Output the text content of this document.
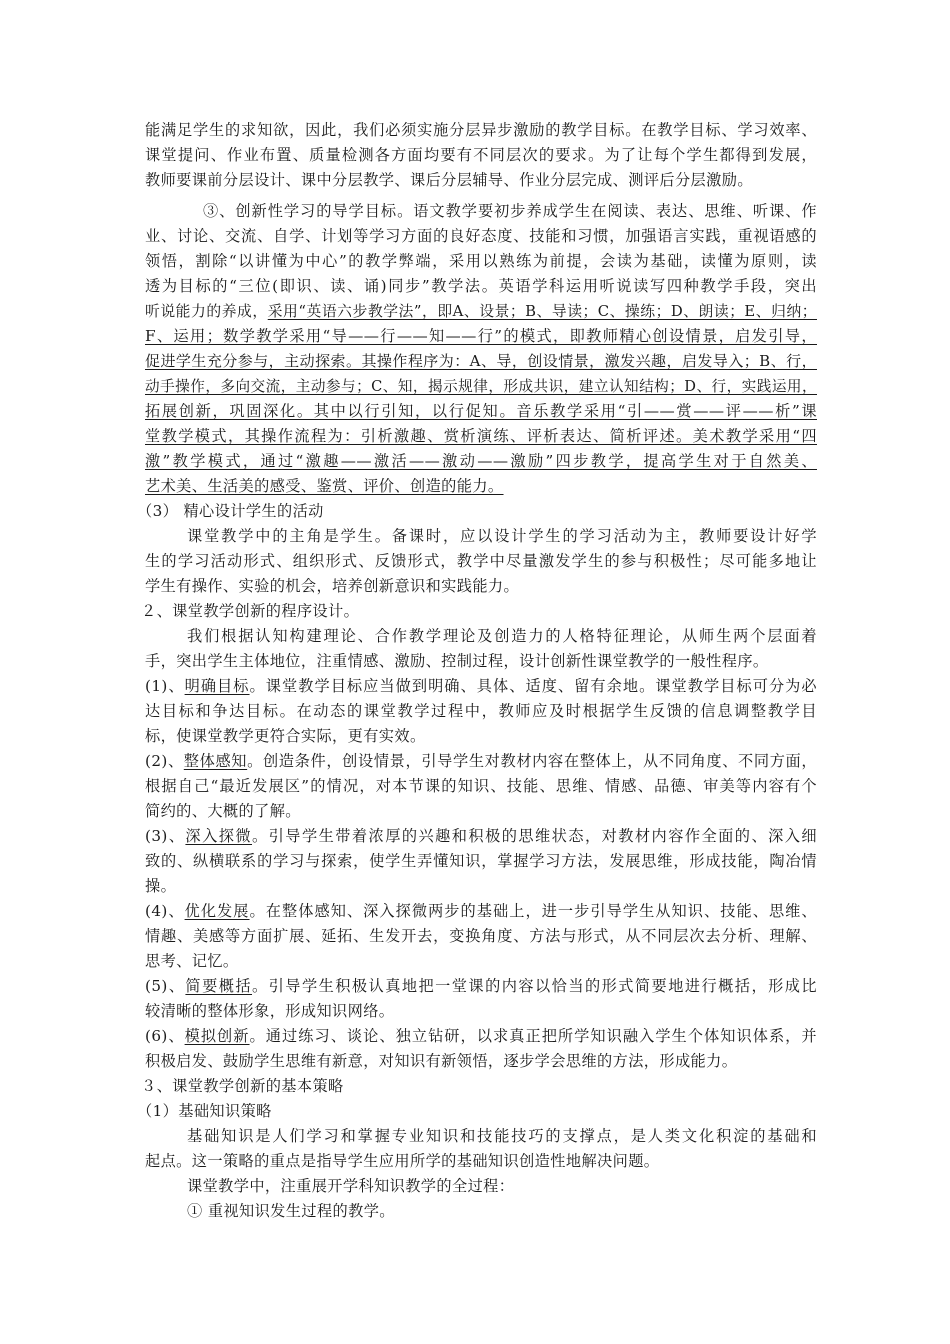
能满足学生的求知欲，因此，我们必须实施分层异步激励的教学目标。在教学目标、学习效率、
课堂提问、作业布置、质量检测各方面均要有不同层次的要求。为了让每个学生都得到发展，
教师要课前分层设计、课中分层教学、课后分层辅导、作业分层完成、测评后分层激励。
③、创新性学习的导学目标。语文教学要初步养成学生在阅读、表达、思维、听课、作
业、讨论、交流、自学、计划等学习方面的良好态度、技能和习惯，加强语言实践，重视语感的
领悟，割除“以讲懂为中心”的教学弊端，采用以熟练为前提，会读为基础，读懂为原则，读
透为目标的“三位(即识、读、诵)同步”教学法。英语学科运用听说读写四种教学手段，突出
听说能力的养成，采用“英语六步教学法”，即A、设景；B、导读；C、操练；D、朗读；E、归纳；
F、运用；数学教学采用“导——行——知——行”的模式，即教师精心创设情景，启发引导，
促进学生充分参与，主动探索。其操作程序为：A、导，创设情景，激发兴趣，启发导入；B、行，
动手操作，多向交流，主动参与；C、知，揭示规律，形成共识，建立认知结构；D、行，实践运用，
拓展创新，巩固深化。其中以行引知，以行促知。音乐教学采用“引——赏——评——析”课
堂教学模式，其操作流程为：引析激趣、赏析演练、评析表达、简析评述。美术教学采用“四
激”教学模式，通过“激趣——激活——激动——激励”四步教学，提高学生对于自然美、
艺术美、生活美的感受、鉴赏、评价、创造的能力。
（3） 精心设计学生的活动
课堂教学中的主角是学生。备课时，应以设计学生的学习活动为主，教师要设计好学
生的学习活动形式、组织形式、反馈形式，教学中尽量激发学生的参与积极性；尽可能多地让
学生有操作、实验的机会，培养创新意识和实践能力。
２、课堂教学创新的程序设计。
我们根据认知构建理论、合作教学理论及创造力的人格特征理论，从师生两个层面着
手，突出学生主体地位，注重情感、激励、控制过程，设计创新性课堂教学的一般性程序。
(1)、明确目标。课堂教学目标应当做到明确、具体、适度、留有余地。课堂教学目标可分为必
达目标和争达目标。在动态的课堂教学过程中，教师应及时根据学生反馈的信息调整教学目
标，使课堂教学更符合实际，更有实效。
(2)、整体感知。创造条件，创设情景，引导学生对教材内容在整体上，从不同角度、不同方面，
根据自己“最近发展区”的情况，对本节课的知识、技能、思维、情感、品德、审美等内容有个
简约的、大概的了解。
(3)、深入探微。引导学生带着浓厚的兴趣和积极的思维状态，对教材内容作全面的、深入细
致的、纵横联系的学习与探索，使学生弄懂知识，掌握学习方法，发展思维，形成技能，陶冶情
操。
(4)、优化发展。在整体感知、深入探微两步的基础上，进一步引导学生从知识、技能、思维、
情趣、美感等方面扩展、延拓、生发开去，变换角度、方法与形式，从不同层次去分析、理解、
思考、记忆。
(5)、简要概括。引导学生积极认真地把一堂课的内容以恰当的形式简要地进行概括，形成比
较清晰的整体形象，形成知识网络。
(6)、模拟创新。通过练习、谈论、独立钻研，以求真正把所学知识融入学生个体知识体系，并
积极启发、鼓励学生思维有新意，对知识有新领悟，逐步学会思维的方法，形成能力。
３、课堂教学创新的基本策略
（1）基础知识策略
基础知识是人们学习和掌握专业知识和技能技巧的支撑点，是人类文化积淀的基础和
起点。这一策略的重点是指导学生应用所学的基础知识创造性地解决问题。
课堂教学中，注重展开学科知识教学的全过程：
① 重视知识发生过程的教学。
